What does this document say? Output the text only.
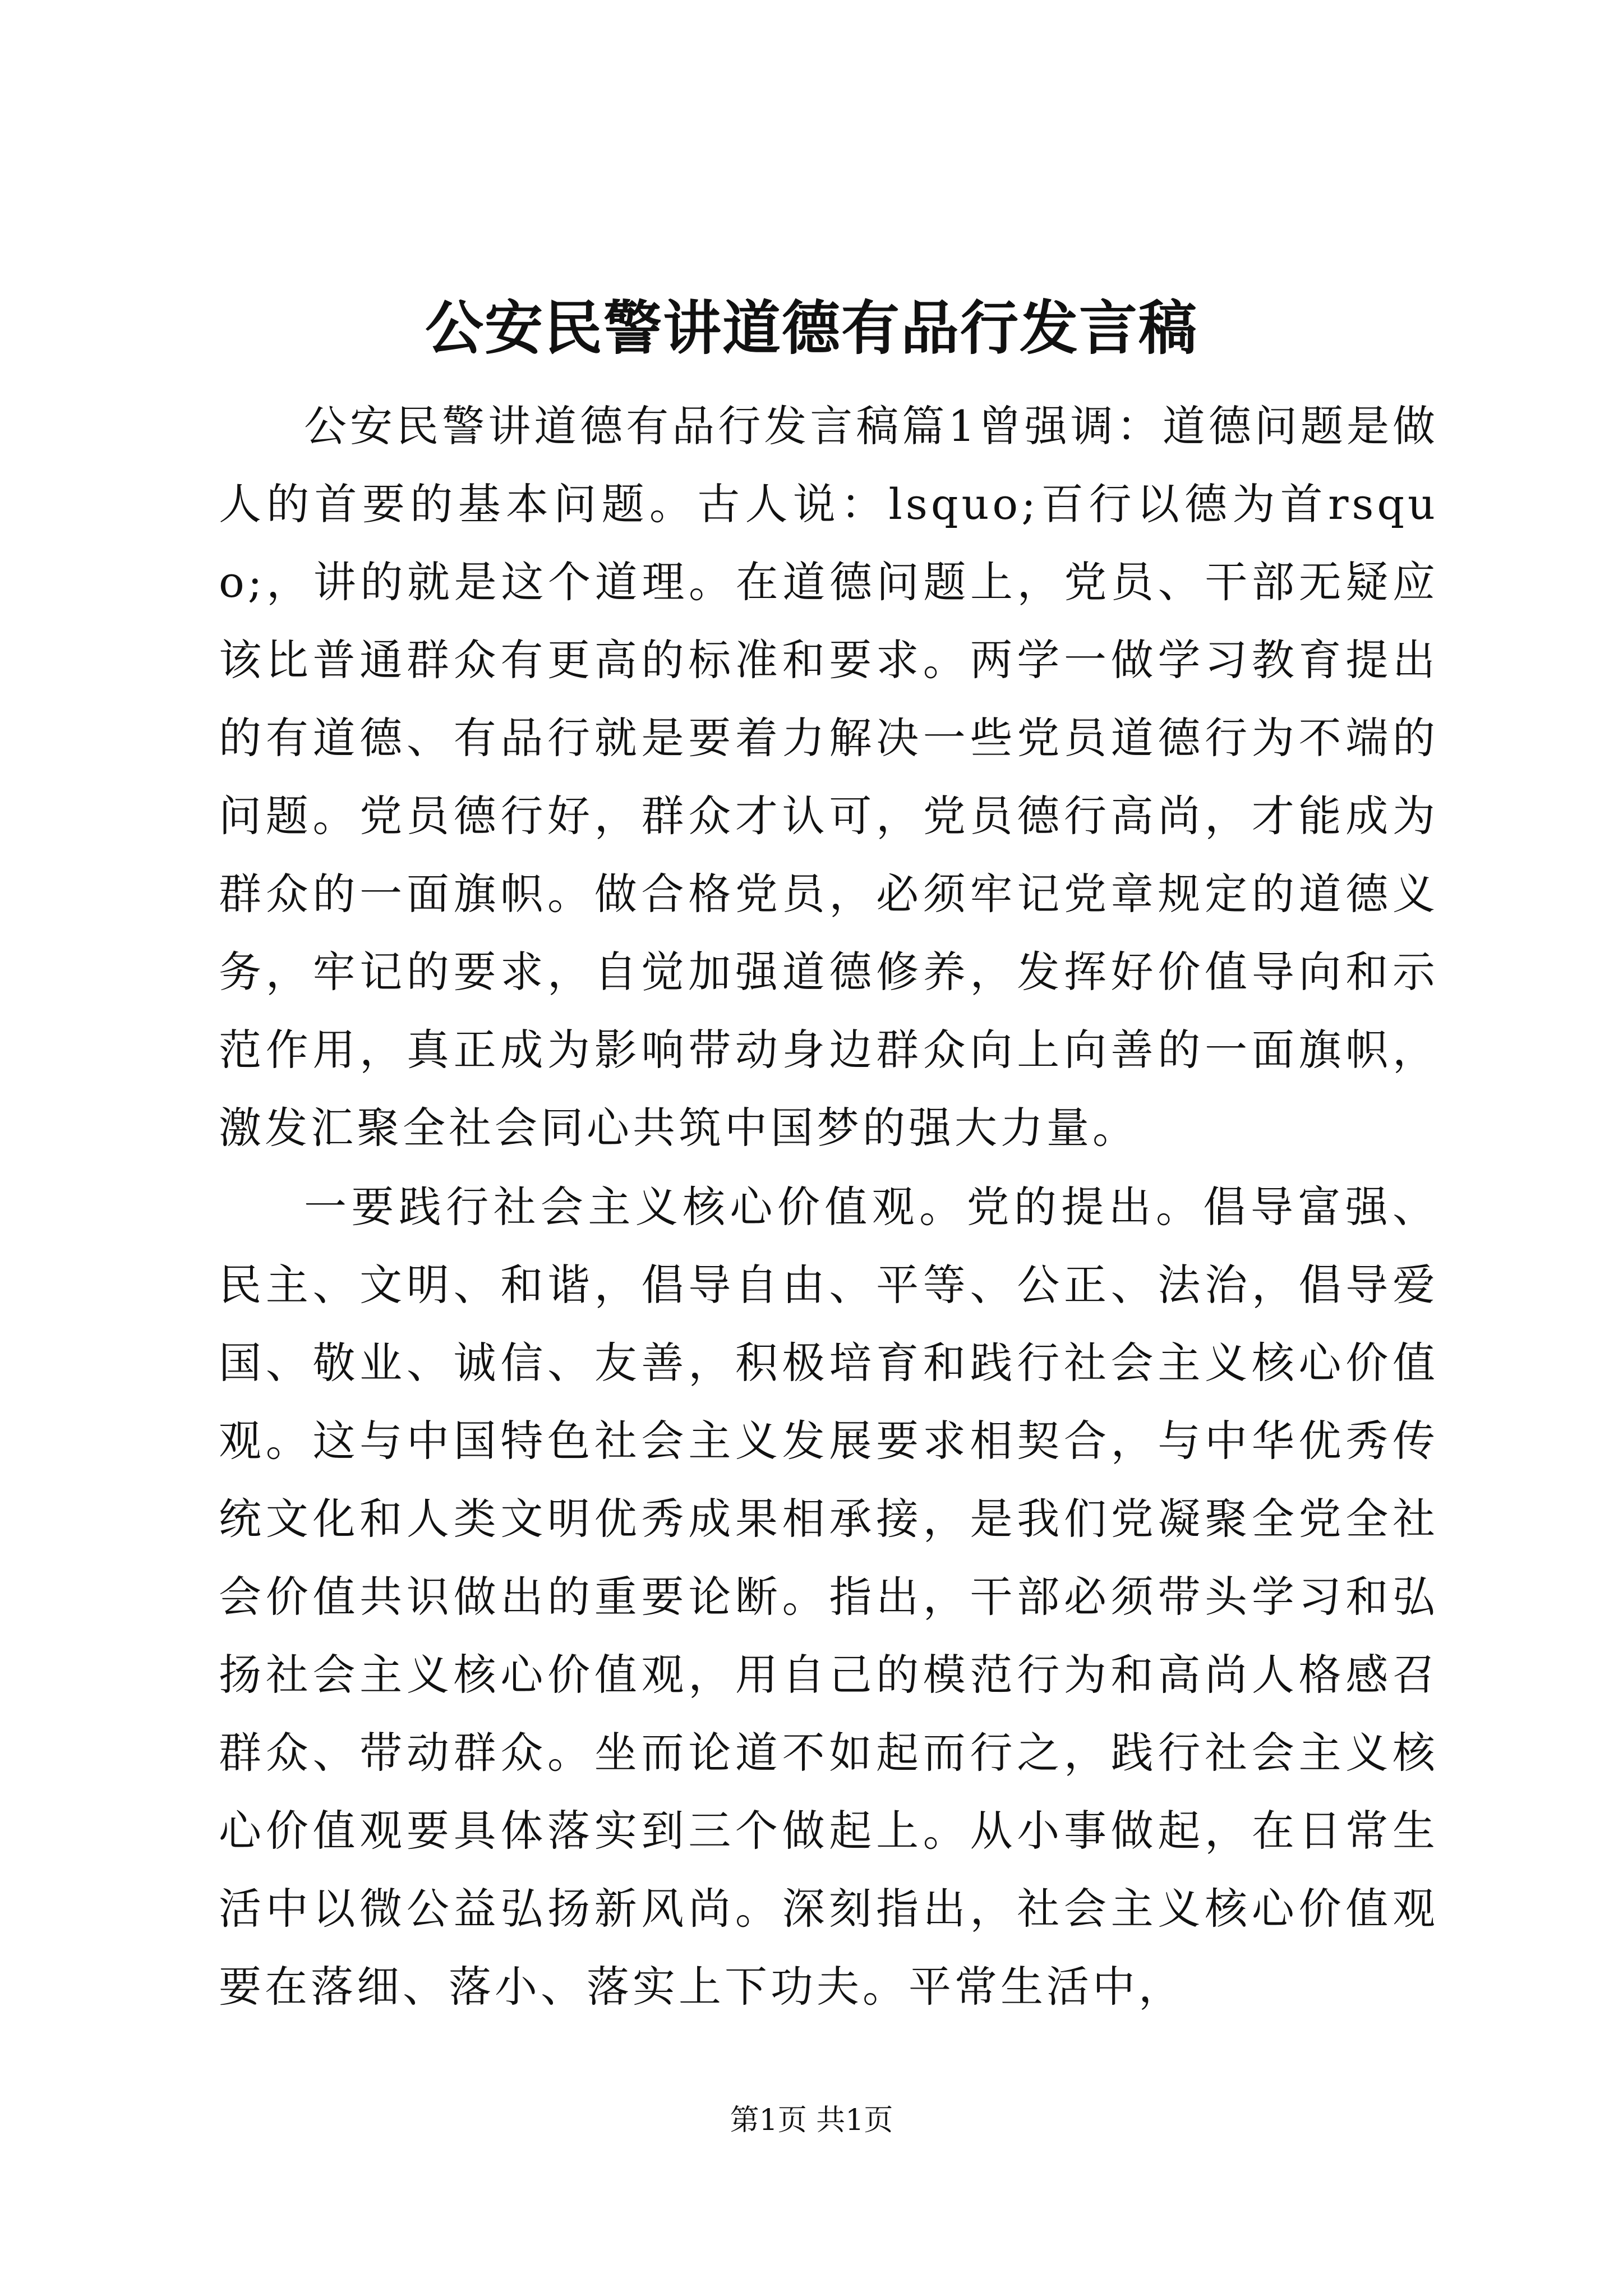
公安民警讲道德有品行发言稿

公安民警讲道德有品行发言稿篇1曾强调：道德问题是做人的首要的基本问题。古人说：lsquo;百行以德为首rsquo;，讲的就是这个道理。在道德问题上，党员、干部无疑应该比普通群众有更高的标准和要求。两学一做学习教育提出的有道德、有品行就是要着力解决一些党员道德行为不端的问题。党员德行好，群众才认可，党员德行高尚，才能成为群众的一面旗帜。做合格党员，必须牢记党章规定的道德义务，牢记的要求，自觉加强道德修养，发挥好价值导向和示范作用，真正成为影响带动身边群众向上向善的一面旗帜，激发汇聚全社会同心共筑中国梦的强大力量。

一要践行社会主义核心价值观。党的提出。倡导富强、民主、文明、和谐，倡导自由、平等、公正、法治，倡导爱国、敬业、诚信、友善，积极培育和践行社会主义核心价值观。这与中国特色社会主义发展要求相契合，与中华优秀传统文化和人类文明优秀成果相承接，是我们党凝聚全党全社会价值共识做出的重要论断。指出，干部必须带头学习和弘扬社会主义核心价值观，用自己的模范行为和高尚人格感召群众、带动群众。坐而论道不如起而行之，践行社会主义核心价值观要具体落实到三个做起上。从小事做起，在日常生活中以微公益弘扬新风尚。深刻指出，社会主义核心价值观要在落细、落小、落实上下功夫。平常生活中，

第1页 共1页
